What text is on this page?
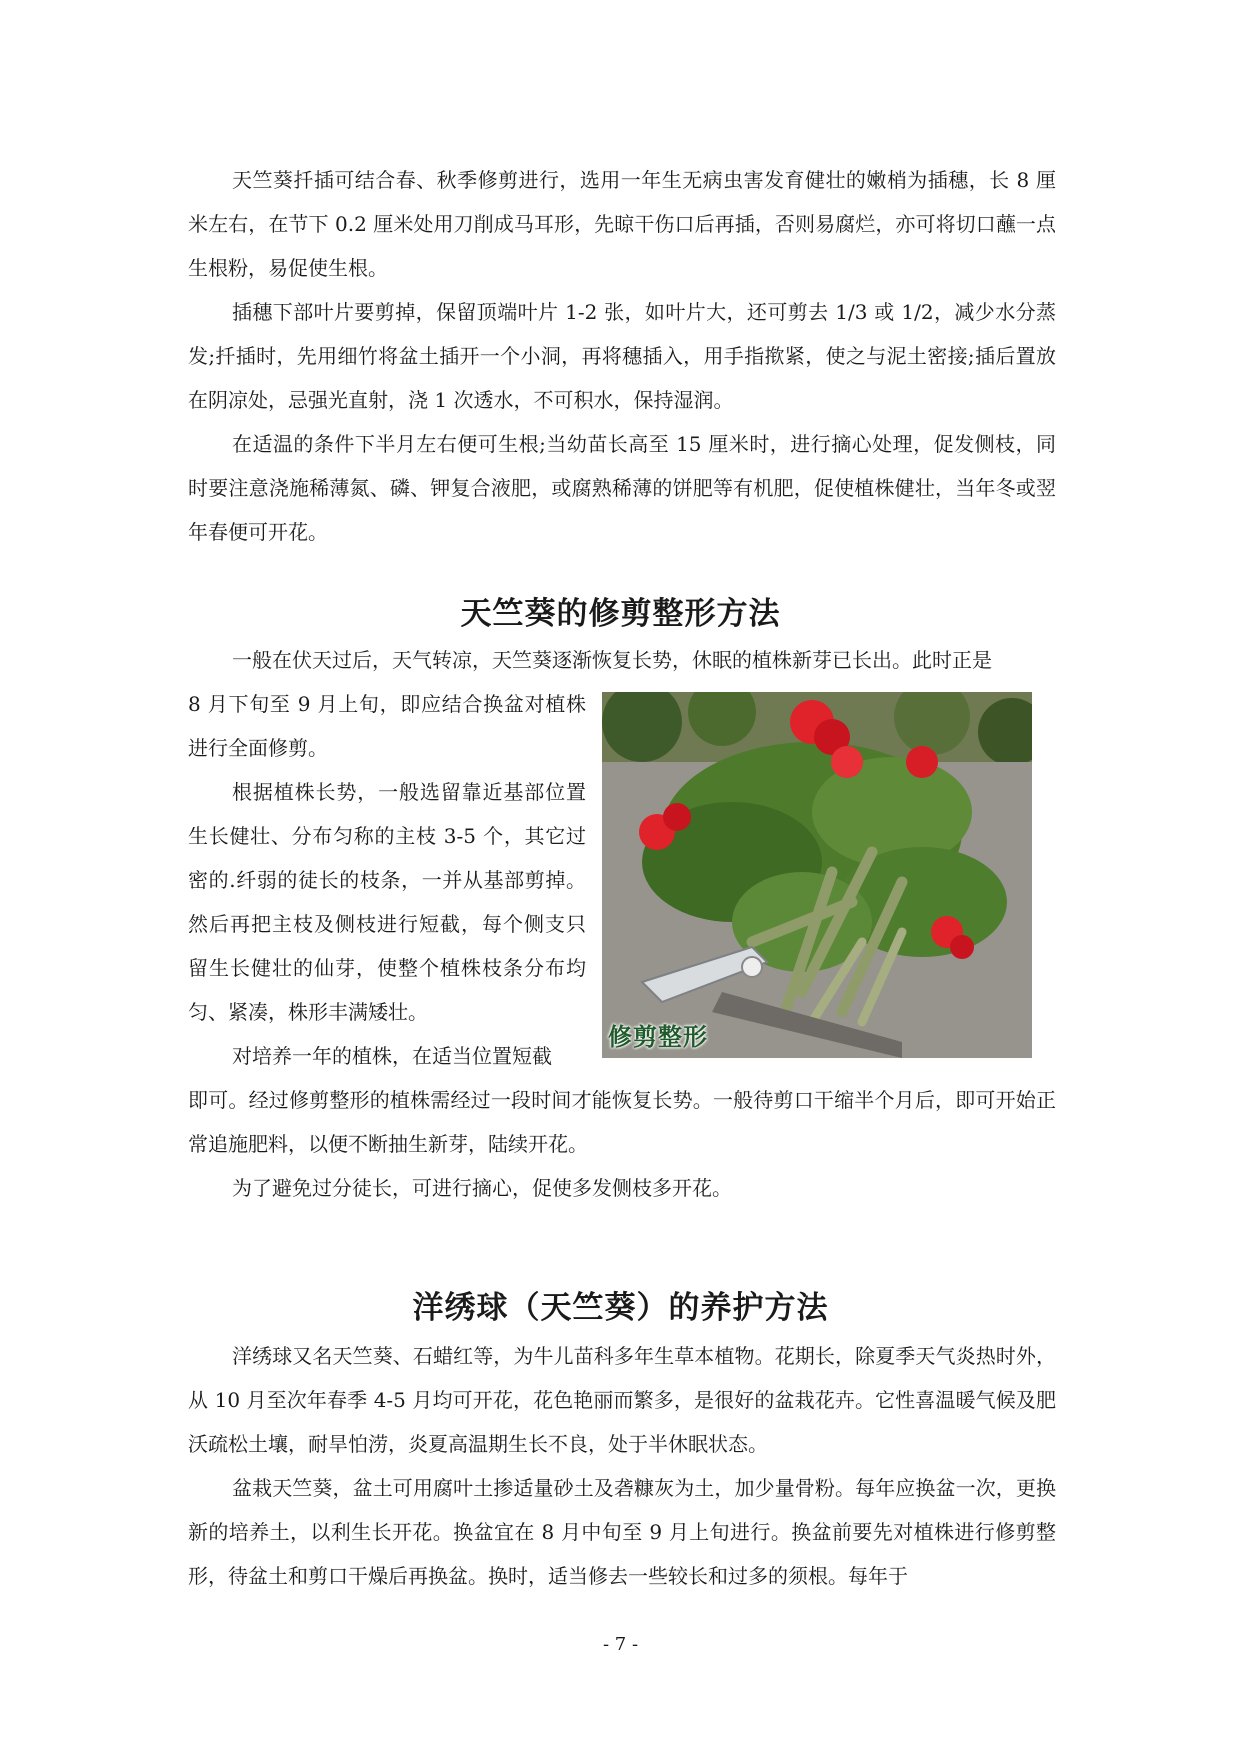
天竺葵扦插可结合春、秋季修剪进行，选用一年生无病虫害发育健壮的嫩梢为插穗，长 8 厘米左右，在节下 0.2 厘米处用刀削成马耳形，先晾干伤口后再插，否则易腐烂，亦可将切口蘸一点生根粉，易促使生根。

插穗下部叶片要剪掉，保留顶端叶片 1-2 张，如叶片大，还可剪去 1/3 或 1/2，减少水分蒸发;扦插时，先用细竹将盆土插开一个小洞，再将穗插入，用手指揿紧，使之与泥土密接;插后置放在阴凉处，忌强光直射，浇 1 次透水，不可积水，保持湿润。

在适温的条件下半月左右便可生根;当幼苗长高至 15 厘米时，进行摘心处理，促发侧枝，同时要注意浇施稀薄氮、磷、钾复合液肥，或腐熟稀薄的饼肥等有机肥，促使植株健壮，当年冬或翌年春便可开花。

天竺葵的修剪整形方法

一般在伏天过后，天气转凉，天竺葵逐渐恢复长势，休眠的植株新芽已长出。此时正是

8 月下旬至 9 月上旬，即应结合换盆对植株进行全面修剪。

根据植株长势，一般选留靠近基部位置生长健壮、分布匀称的主枝 3-5 个，其它过密的.纤弱的徒长的枝条，一并从基部剪掉。然后再把主枝及侧枝进行短截，每个侧支只留生长健壮的仙芽，使整个植株枝条分布均匀、紧凑，株形丰满矮壮。

对培养一年的植株，在适当位置短截

即可。经过修剪整形的植株需经过一段时间才能恢复长势。一般待剪口干缩半个月后，即可开始正常追施肥料，以便不断抽生新芽，陆续开花。

为了避免过分徒长，可进行摘心，促使多发侧枝多开花。

修剪整形
洋绣球（天竺葵）的养护方法

洋绣球又名天竺葵、石蜡红等，为牛儿苗科多年生草本植物。花期长，除夏季天气炎热时外，从 10 月至次年春季 4-5 月均可开花，花色艳丽而繁多，是很好的盆栽花卉。它性喜温暖气候及肥沃疏松土壤，耐旱怕涝，炎夏高温期生长不良，处于半休眠状态。

盆栽天竺葵，盆土可用腐叶土掺适量砂土及砻糠灰为土，加少量骨粉。每年应换盆一次，更换新的培养土，以利生长开花。换盆宜在 8 月中旬至 9 月上旬进行。换盆前要先对植株进行修剪整形，待盆土和剪口干燥后再换盆。换时，适当修去一些较长和过多的须根。每年于

- 7 -
